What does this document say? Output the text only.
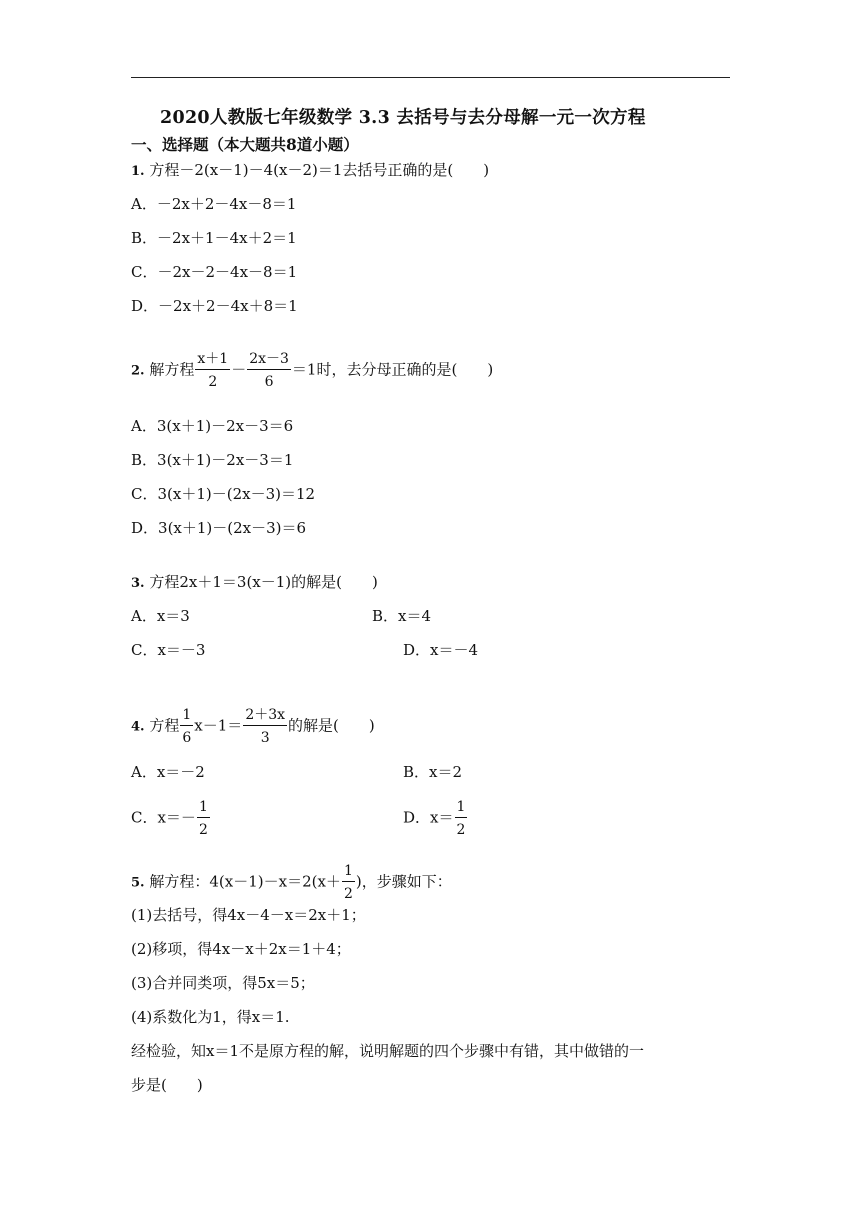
2020人教版七年级数学 3.3 去括号与去分母解一元一次方程
一、选择题（本大题共8道小题）
1. 方程－2(x－1)－4(x－2)＝1去括号正确的是(　　)
A．－2x＋2－4x－8＝1
B．－2x＋1－4x＋2＝1
C．－2x－2－4x－8＝1
D．－2x＋2－4x＋8＝1
2. 解方程 $\frac{x+1}{2} - \frac{2x-3}{6} =1$时，去分母正确的是(　　)
A．3(x＋1)－2x－3＝6
B．3(x＋1)－2x－3＝1
C．3(x＋1)－(2x－3)＝12
D．3(x＋1)－(2x－3)＝6
3. 方程2x＋1＝3(x－1)的解是(　　)
A．x＝3	B．x＝4
C．x＝－3	D．x＝－4
4. 方程 $\frac{1}{6} x-1= \frac{2+3x}{3}$ 的解是(　　)
A．x＝－2	B．x＝2
C．$x=- \frac{1}{2}$	D．$x= \frac{1}{2}$
5. 解方程：$4(x-1)-x=2(x+ \frac{1}{2}$ )，步骤如下：
(1)去括号，得4x－4－x＝2x＋1；
(2)移项，得4x－x＋2x＝1＋4；
(3)合并同类项，得5x＝5；
(4)系数化为1，得x＝1.
经检验，知x＝1不是原方程的解，说明解题的四个步骤中有错，其中做错的一
步是(　　)
